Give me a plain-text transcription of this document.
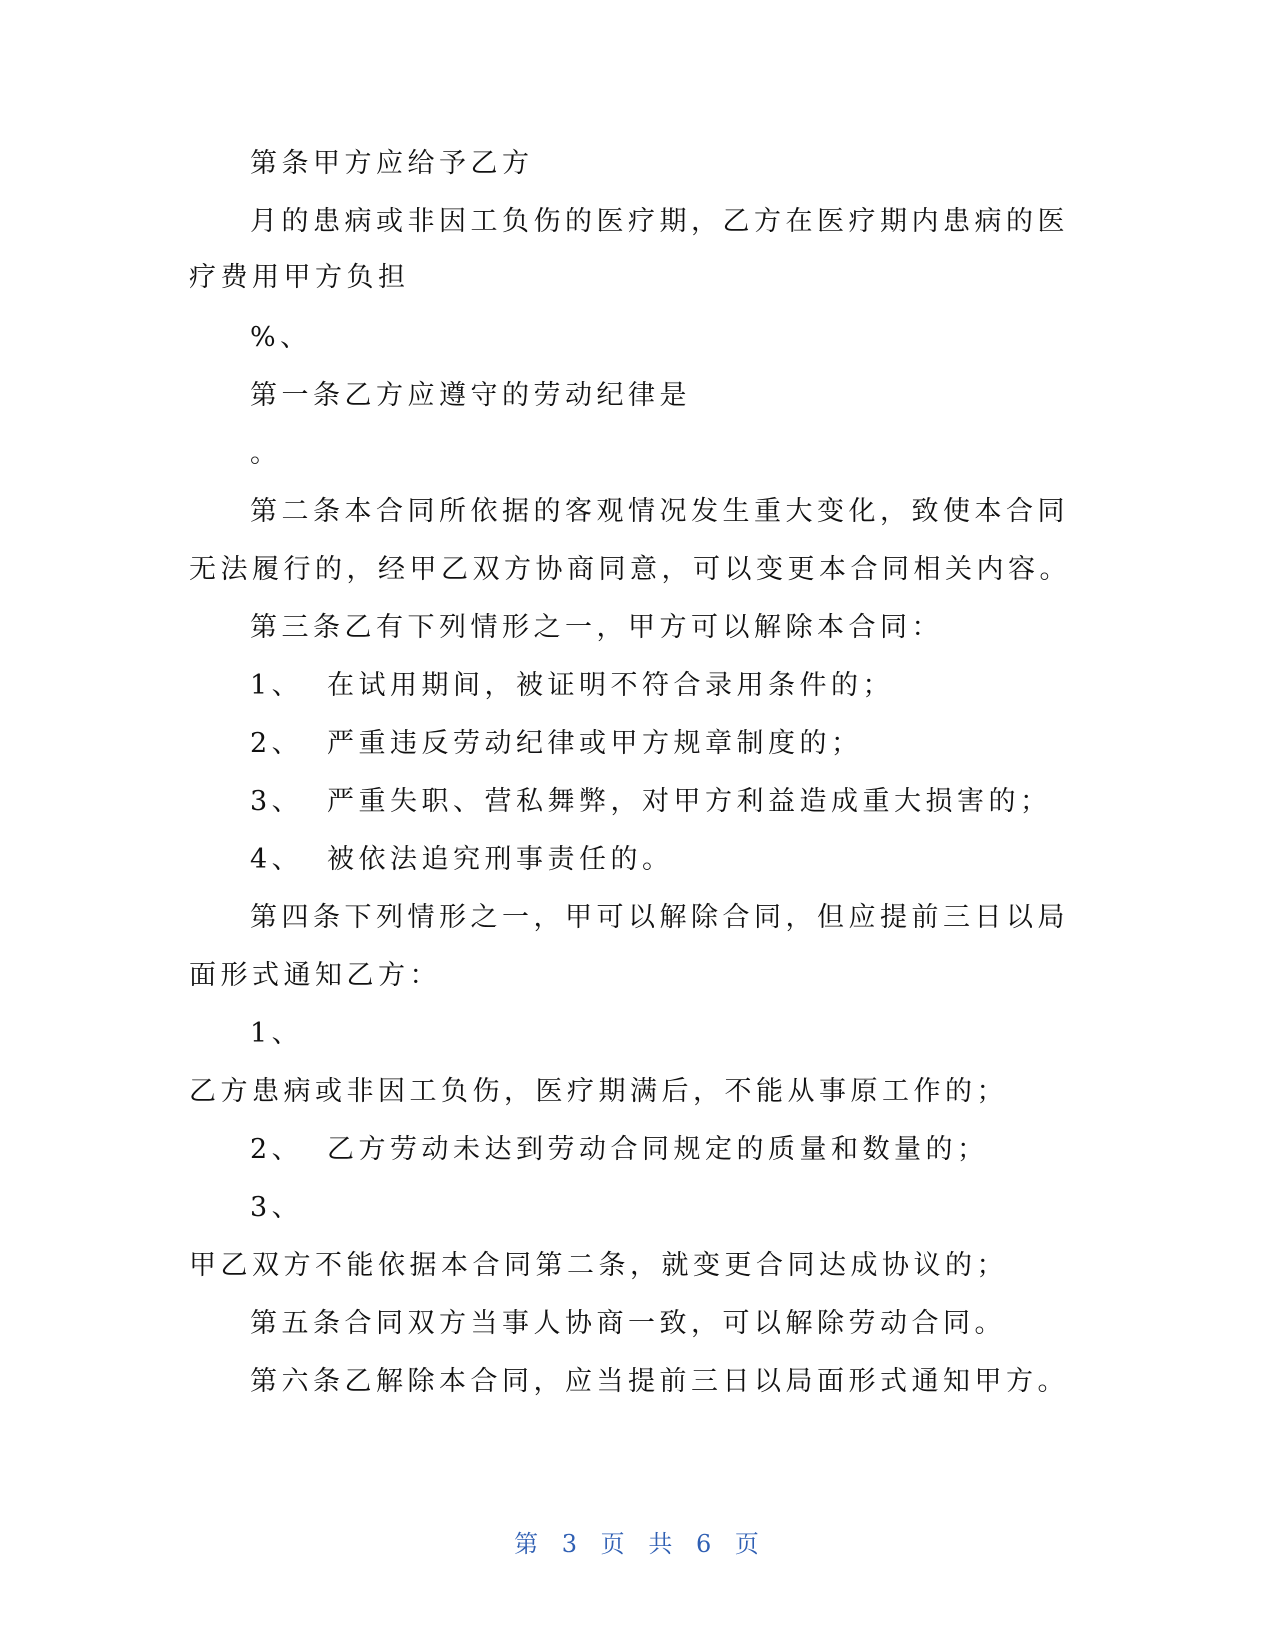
第条甲方应给予乙方
月的患病或非因工负伤的医疗期，乙方在医疗期内患病的医
疗费用甲方负担
%、
第一条乙方应遵守的劳动纪律是
。
第二条本合同所依据的客观情况发生重大变化，致使本合同
无法履行的，经甲乙双方协商同意，可以变更本合同相关内容。
第三条乙有下列情形之一，甲方可以解除本合同：
1、 在试用期间，被证明不符合录用条件的；
2、 严重违反劳动纪律或甲方规章制度的；
3、 严重失职、营私舞弊，对甲方利益造成重大损害的；
4、 被依法追究刑事责任的。
第四条下列情形之一，甲可以解除合同，但应提前三日以局
面形式通知乙方：
1、
乙方患病或非因工负伤，医疗期满后，不能从事原工作的；
2、 乙方劳动未达到劳动合同规定的质量和数量的；
3、
甲乙双方不能依据本合同第二条，就变更合同达成协议的；
第五条合同双方当事人协商一致，可以解除劳动合同。
第六条乙解除本合同，应当提前三日以局面形式通知甲方。
第 3 页 共 6 页
